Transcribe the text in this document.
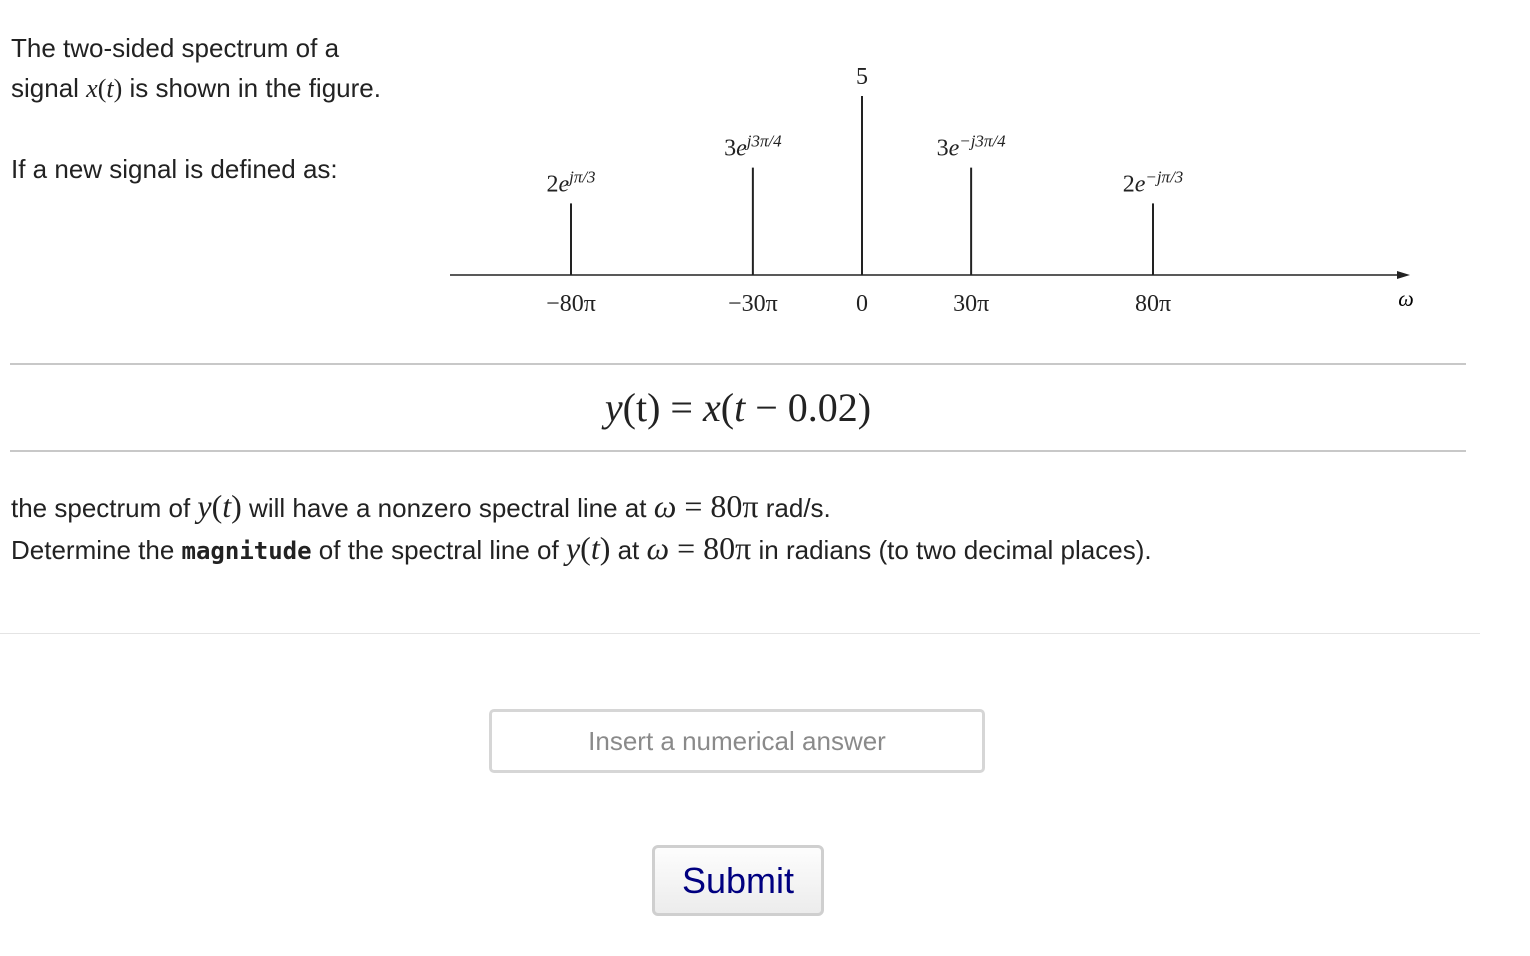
The two-sided spectrum of a signal x(t) is shown in the figure.

If a new signal is defined as:

ω
$2e^{j\pi/3}$
$3e^{j3\pi/4}$
5
$3e^{-j3\pi/4}$
$2e^{-j\pi/3}$
−80π	−30π	0	30π	80π
y(t) = x(t − 0.02)

the spectrum of y(t) will have a nonzero spectral line at ω = 80π rad/s.

Determine the magnitude of the spectral line of y(t) at ω = 80π in radians (to two decimal places).

Insert a numerical answer
Submit
